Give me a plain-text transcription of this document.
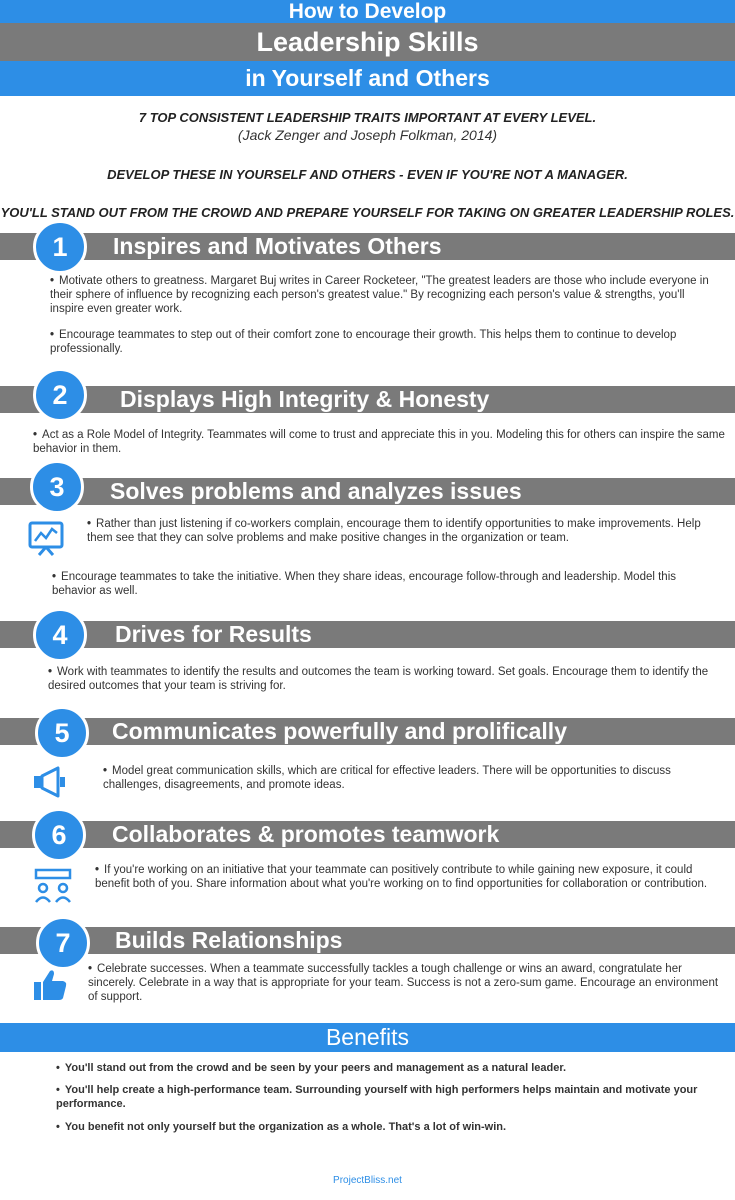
How to Develop
Leadership Skills
in Yourself and Others
7 TOP CONSISTENT LEADERSHIP TRAITS IMPORTANT AT EVERY LEVEL.
(Jack Zenger and Joseph Folkman, 2014)
DEVELOP THESE IN YOURSELF AND OTHERS - EVEN IF YOU'RE NOT A MANAGER.
YOU'LL STAND OUT FROM THE CROWD AND PREPARE YOURSELF FOR TAKING ON GREATER LEADERSHIP ROLES.
1	Inspires and Motivates Others
• Motivate others to greatness. Margaret Buj writes in Career Rocketeer, "The greatest leaders are those who include everyone in their sphere of influence by recognizing each person's greatest value." By recognizing each person's value & strengths, you'll inspire even greater work.
• Encourage teammates to step out of their comfort zone to encourage their growth. This helps them to continue to develop professionally.
2	Displays High Integrity & Honesty
• Act as a Role Model of Integrity. Teammates will come to trust and appreciate this in you. Modeling this for others can inspire the same behavior in them.
3	Solves problems and analyzes issues
• Rather than just listening if co-workers complain, encourage them to identify opportunities to make improvements. Help them see that they can solve problems and make positive changes in the organization or team.
• Encourage teammates to take the initiative. When they share ideas, encourage follow-through and leadership. Model this behavior as well.
4	Drives for Results
• Work with teammates to identify the results and outcomes the team is working toward. Set goals. Encourage them to identify the desired outcomes that your team is striving for.
5	Communicates powerfully and prolifically
• Model great communication skills, which are critical for effective leaders. There will be opportunities to discuss challenges, disagreements, and promote ideas.
6	Collaborates & promotes teamwork
• If you're working on an initiative that your teammate can positively contribute to while gaining new exposure, it could benefit both of you. Share information about what you're working on to find opportunities for collaboration or contribution.
7	Builds Relationships
• Celebrate successes. When a teammate successfully tackles a tough challenge or wins an award, congratulate her sincerely. Celebrate in a way that is appropriate for your team. Success is not a zero-sum game. Encourage an environment of support.
Benefits
• You'll stand out from the crowd and be seen by your peers and management as a natural leader.
• You'll help create a high-performance team. Surrounding yourself with high performers helps maintain and motivate your performance.
• You benefit not only yourself but the organization as a whole. That's a lot of win-win.
ProjectBliss.net
